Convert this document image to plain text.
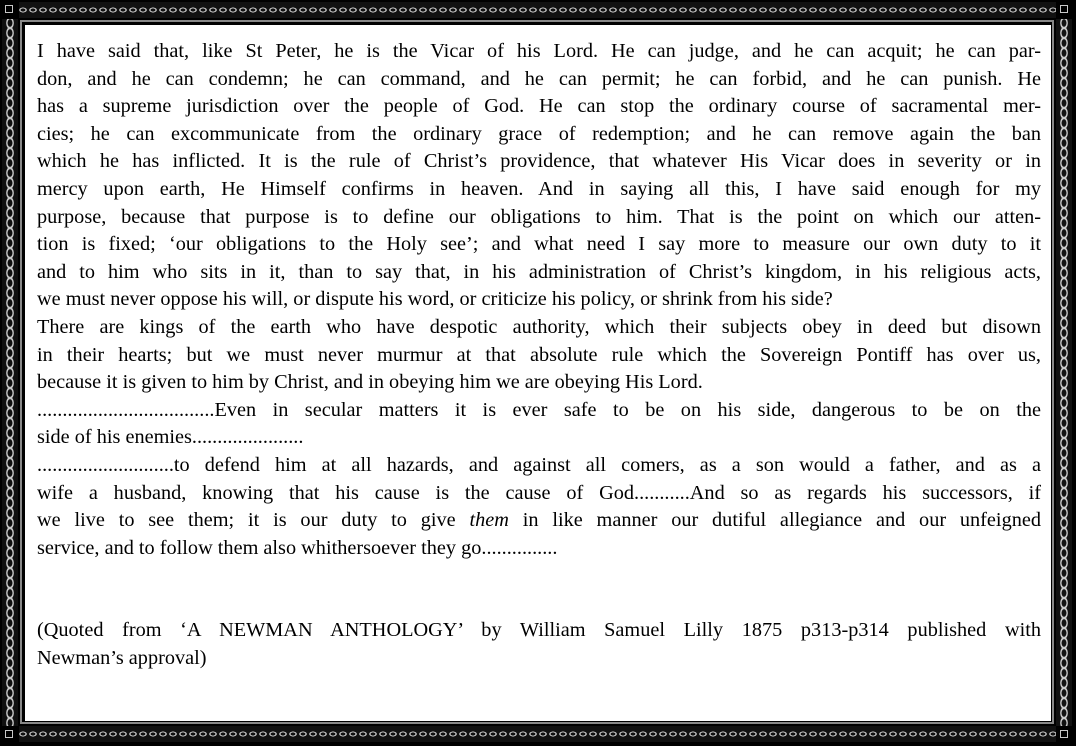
I have said that, like St Peter, he is the Vicar of his Lord. He can judge, and he can acquit; he can par-
don, and he can condemn; he can command, and he can permit; he can forbid, and he can punish. He
has a supreme jurisdiction over the people of God. He can stop the ordinary course of sacramental mer-
cies; he can excommunicate from the ordinary grace of redemption; and he can remove again the ban
which he has inflicted. It is the rule of Christ’s providence, that whatever His Vicar does in severity or in
mercy upon earth, He Himself confirms in heaven. And in saying all this, I have said enough for my
purpose, because that purpose is to define our obligations to him. That is the point on which our atten-
tion is fixed; ‘our obligations to the Holy see’; and what need I say more to measure our own duty to it
and to him who sits in it, than to say that, in his administration of Christ’s kingdom, in his religious acts,
we must never oppose his will, or dispute his word, or criticize his policy, or shrink from his side?
There are kings of the earth who have despotic authority, which their subjects obey in deed but disown
in their hearts; but we must never murmur at that absolute rule which the Sovereign Pontiff has over us,
because it is given to him by Christ, and in obeying him we are obeying His Lord.
...................................Even in secular matters it is ever safe to be on his side, dangerous to be on the
side of his enemies......................
...........................to defend him at all hazards, and against all comers, as a son would a father, and as a
wife a husband, knowing that his cause is the cause of God...........And so as regards his successors, if
we live to see them; it is our duty to give them in like manner our dutiful allegiance and our unfeigned
service, and to follow them also whithersoever they go...............
(Quoted from ‘A NEWMAN ANTHOLOGY’ by William Samuel Lilly 1875 p313-p314 published with
Newman’s approval)
